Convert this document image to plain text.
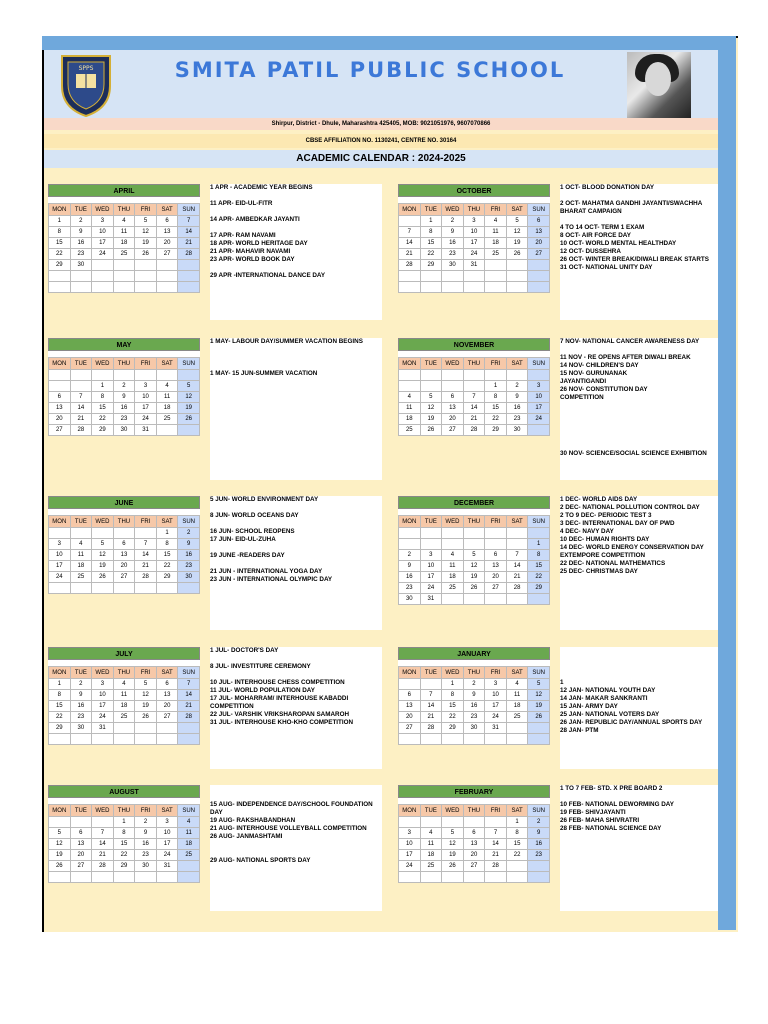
SPPS	SMITA PATIL PUBLIC SCHOOL
Shirpur, District - Dhule, Maharashtra 425405, MOB: 9021051976, 9607070866
CBSE AFFILIATION NO. 1130241, CENTRE NO. 30164
ACADEMIC CALENDAR : 2024-2025
APRIL
MON	TUE	WED	THU	FRI	SAT	SUN
1	2	3	4	5	6	7
8	9	10	11	12	13	14
15	16	17	18	19	20	21
22	23	24	25	26	27	28
29	30					

1 APR - ACADEMIC YEAR BEGINS

11 APR- EID-UL-FITR

14 APR- AMBEDKAR JAYANTI

17 APR- RAM NAVAMI
18 APR- WORLD HERITAGE DAY
21 APR- MAHAVIR NAVAMI
23 APR- WORLD BOOK DAY

29 APR -INTERNATIONAL DANCE DAY
OCTOBER
MON	TUE	WED	THU	FRI	SAT	SUN
	1	2	3	4	5	6
7	8	9	10	11	12	13
14	15	16	17	18	19	20
21	22	23	24	25	26	27
28	29	30	31			

1 OCT- BLOOD DONATION DAY

2 OCT- MAHATMA GANDHI JAYANTI/SWACHHA
BHARAT CAMPAIGN

4 TO 14 OCT- TERM 1 EXAM
8 OCT- AIR FORCE DAY
10 OCT- WORLD MENTAL HEALTHDAY
12 OCT- DUSSEHRA
26 OCT- WINTER BREAK/DIWALI BREAK STARTS
31 OCT- NATIONAL UNITY DAY
MAY
MON	TUE	WED	THU	FRI	SAT	SUN

		1	2	3	4	5
6	7	8	9	10	11	12
13	14	15	16	17	18	19
20	21	22	23	24	25	26
27	28	29	30	31		
1 MAY- LABOUR DAY/SUMMER VACATION BEGINS

1 MAY- 15 JUN-SUMMER VACATION
NOVEMBER
MON	TUE	WED	THU	FRI	SAT	SUN

				1	2	3
4	5	6	7	8	9	10
11	12	13	14	15	16	17
18	19	20	21	22	23	24
25	26	27	28	29	30	
7 NOV- NATIONAL CANCER AWARENESS DAY

11 NOV - RE OPENS AFTER DIWALI BREAK
14 NOV- CHILDREN'S DAY
15 NOV- GURUNANAK
JAYANTIGANDI
26 NOV- CONSTITUTION DAY
COMPETITION

30 NOV- SCIENCE/SOCIAL SCIENCE EXHIBITION
JUNE
MON	TUE	WED	THU	FRI	SAT	SUN
					1	2
3	4	5	6	7	8	9
10	11	12	13	14	15	16
17	18	19	20	21	22	23
24	25	26	27	28	29	30

5 JUN- WORLD ENVIRONMENT DAY

8 JUN- WORLD OCEANS DAY

16 JUN- SCHOOL REOPENS
17 JUN- EID-UL-ZUHA

19 JUNE -READERS DAY

21 JUN - INTERNATIONAL YOGA DAY
23 JUN - INTERNATIONAL OLYMPIC DAY
DECEMBER
MON	TUE	WED	THU	FRI	SAT	SUN

						1
2	3	4	5	6	7	8
9	10	11	12	13	14	15
16	17	18	19	20	21	22
23	24	25	26	27	28	29
30	31					
1 DEC- WORLD AIDS DAY
2 DEC- NATIONAL POLLUTION CONTROL DAY
2 TO 9 DEC- PERIODIC TEST 3
3 DEC- INTERNATIONAL DAY OF PWD
4 DEC- NAVY DAY
10 DEC- HUMAN RIGHTS DAY
14 DEC- WORLD ENERGY CONSERVATION DAY
EXTEMPORE COMPETITION
22 DEC- NATIONAL MATHEMATICS
25 DEC- CHRISTMAS DAY
JULY
MON	TUE	WED	THU	FRI	SAT	SUN
1	2	3	4	5	6	7
8	9	10	11	12	13	14
15	16	17	18	19	20	21
22	23	24	25	26	27	28
29	30	31				

1 JUL- DOCTOR'S DAY

8 JUL- INVESTITURE CEREMONY

10 JUL- INTERHOUSE CHESS COMPETITION
11 JUL- WORLD POPULATION DAY
17 JUL- MOHARRAM/ INTERHOUSE KABADDI
COMPETITION
22 JUL- VARSHIK VRIKSHAROPAN SAMAROH
31 JUL- INTERHOUSE KHO-KHO COMPETITION
JANUARY
MON	TUE	WED	THU	FRI	SAT	SUN
		1	2	3	4	5
6	7	8	9	10	11	12
13	14	15	16	17	18	19
20	21	22	23	24	25	26
27	28	29	30	31		

1
12 JAN- NATIONAL YOUTH DAY
14 JAN- MAKAR SANKRANTI
15 JAN- ARMY DAY
25 JAN- NATIONAL VOTERS DAY
26 JAN- REPUBLIC DAY/ANNUAL SPORTS DAY
28 JAN- PTM
AUGUST
MON	TUE	WED	THU	FRI	SAT	SUN
			1	2	3	4
5	6	7	8	9	10	11
12	13	14	15	16	17	18
19	20	21	22	23	24	25
26	27	28	29	30	31	

15 AUG- INDEPENDENCE DAY/SCHOOL FOUNDATION
DAY
19 AUG- RAKSHABANDHAN
21 AUG- INTERHOUSE VOLLEYBALL COMPETITION
26 AUG- JANMASHTAMI

29 AUG- NATIONAL SPORTS DAY
FEBRUARY
MON	TUE	WED	THU	FRI	SAT	SUN
					1	2
3	4	5	6	7	8	9
10	11	12	13	14	15	16
17	18	19	20	21	22	23
24	25	26	27	28		

1 TO 7 FEB- STD. X PRE BOARD 2

10 FEB- NATIONAL DEWORMING DAY
19 FEB- SHIVJAYANTI
26 FEB- MAHA SHIVRATRI
28 FEB- NATIONAL SCIENCE DAY
